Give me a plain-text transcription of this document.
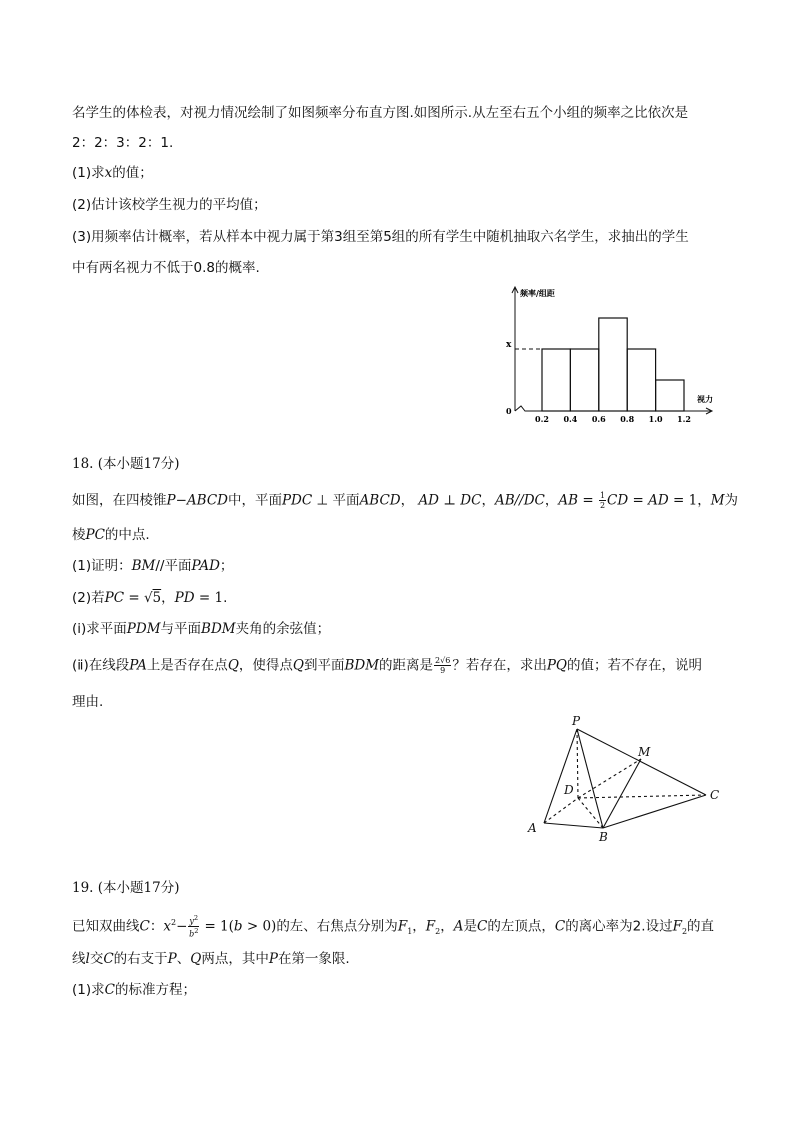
名学生的体检表，对视力情况绘制了如图频率分布直方图.如图所示.从左至右五个小组的频率之比依次是
2：2：3：2：1.
(1)求x的值；
(2)估计该校学生视力的平均值；
(3)用频率估计概率，若从样本中视力属于第3组至第5组的所有学生中随机抽取六名学生，求抽出的学生
中有两名视力不低于0.8的概率.
0.2 0.4 0.6 0.8 1.0 1.2
频率/组距
视力
0
x
18. (本小题17分)
如图，在四棱锥P−ABCD中，平面PDC ⊥ 平面ABCD， AD ⊥ DC，AB//DC，AB = $\frac{1}{2}$ CD = AD = 1，M为
棱PC的中点.
(1)证明：BM//平面PAD；
(2)若PC = √5，PD = 1.
(ⅰ)求平面PDM与平面BDM夹角的余弦值；
(ⅱ)在线段PA上是否存在点Q，使得点Q到平面BDM的距离是 $\frac{2√6}{9}$ ？若存在，求出PQ的值；若不存在，说明
理由.
P
M
D	C
A
B
19. (本小题17分)
已知双曲线C：$x^2- \frac{y^2}{b^2} = 1(b > 0)$的左、右焦点分别为$F_1$，$F_2$，A是C的左顶点，C的离心率为2.设过$F_2$的直
线l交C的右支于P、Q两点，其中P在第一象限.
(1)求C的标准方程；
